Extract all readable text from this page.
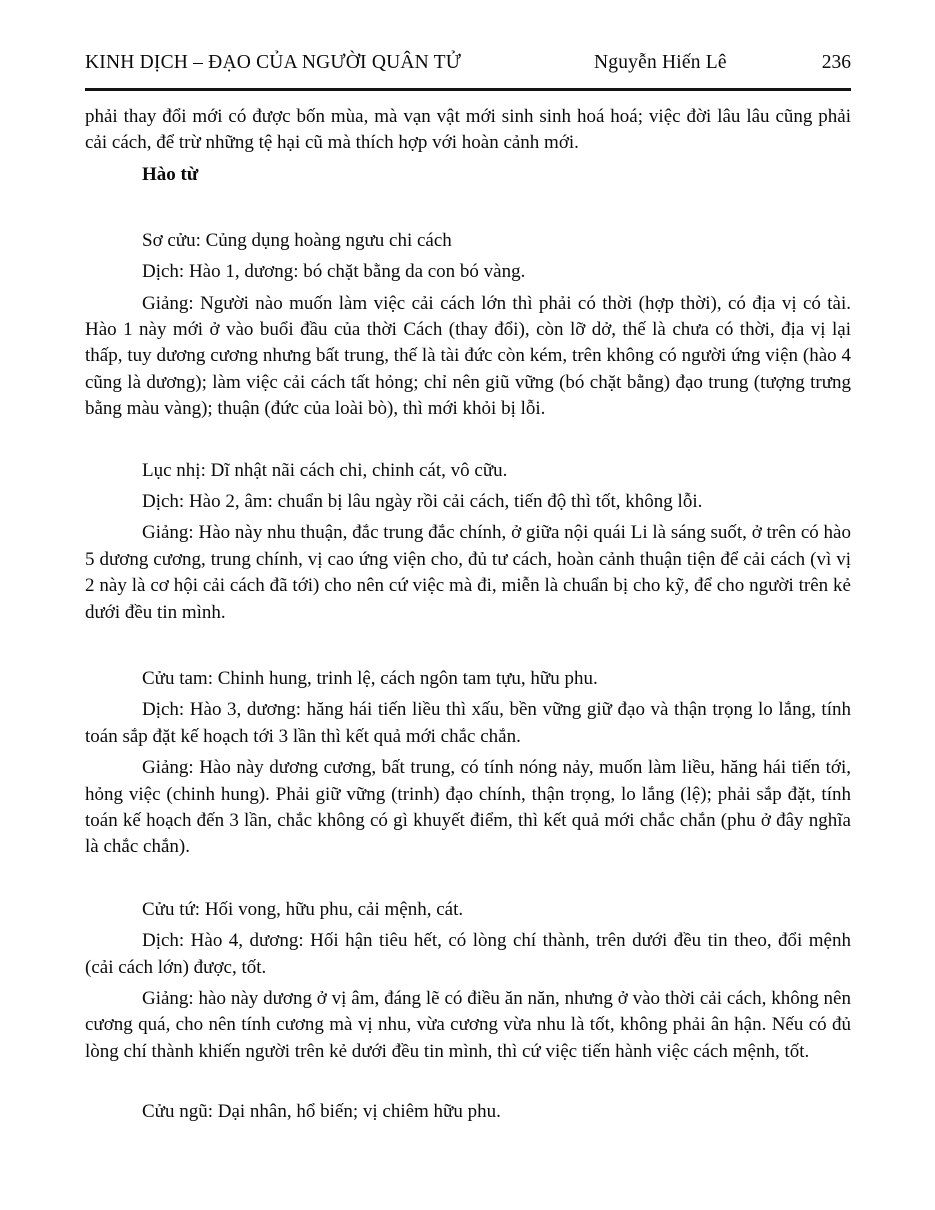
KINH DỊCH – ĐẠO CỦA NGƯỜI QUÂN TỬ	Nguyễn Hiến Lê	236

phải thay đổi mới có được bốn mùa, mà vạn vật mới sinh sinh hoá hoá; việc đời lâu lâu cũng phải cải cách, để trừ những tệ hại cũ mà thích hợp với hoàn cảnh mới.

Hào từ

Sơ cửu: Củng dụng hoàng ngưu chi cách

Dịch: Hào 1, dương: bó chặt bằng da con bó vàng.

Giảng: Người nào muốn làm việc cải cách lớn thì phải có thời (hợp thời), có địa vị có tài. Hào 1 này mới ở vào buổi đầu của thời Cách (thay đổi), còn lỡ dở, thế là chưa có thời, địa vị lại thấp, tuy dương cương nhưng bất trung, thế là tài đức còn kém, trên không có người ứng viện (hào 4 cũng là dương); làm việc cải cách tất hỏng; chỉ nên giũ vững (bó chặt bằng) đạo trung (tượng trưng bằng màu vàng); thuận (đức của loài bò), thì mới khỏi bị lỗi.

Lục nhị: Dĩ nhật nãi cách chi, chinh cát, vô cữu.

Dịch: Hào 2, âm: chuẩn bị lâu ngày rồi cải cách, tiến độ thì tốt, không lỗi.

Giảng: Hào này nhu thuận, đắc trung đắc chính, ở giữa nội quái Li là sáng suốt, ở trên có hào 5 dương cương, trung chính, vị cao ứng viện cho, đủ tư cách, hoàn cảnh thuận tiện để cải cách (vì vị 2 này là cơ hội cải cách đã tới) cho nên cứ việc mà đi, miễn là chuẩn bị cho kỹ, để cho người trên kẻ dưới đều tin mình.

Cửu tam: Chinh hung, trinh lệ, cách ngôn tam tựu, hữu phu.

Dịch: Hào 3, dương: hăng hái tiến liều thì xấu, bền vững giữ đạo và thận trọng lo lắng, tính toán sắp đặt kế hoạch tới 3 lần thì kết quả mới chắc chắn.

Giảng: Hào này dương cương, bất trung, có tính nóng nảy, muốn làm liều, hăng hái tiến tới, hỏng việc (chinh hung). Phải giữ vững (trinh) đạo chính, thận trọng, lo lắng (lệ); phải sắp đặt, tính toán kế hoạch đến 3 lần, chắc không có gì khuyết điểm, thì kết quả mới chắc chắn (phu ở đây nghĩa là chắc chắn).

Cửu tứ: Hối vong, hữu phu, cải mệnh, cát.

Dịch: Hào 4, dương: Hối hận tiêu hết, có lòng chí thành, trên dưới đều tin theo, đổi mệnh (cải cách lớn) được, tốt.

Giảng: hào này dương ở vị âm, đáng lẽ có điều ăn năn, nhưng ở vào thời cải cách, không nên cương quá, cho nên tính cương mà vị nhu, vừa cương vừa nhu là tốt, không phải ân hận. Nếu có đủ lòng chí thành khiến người trên kẻ dưới đều tin mình, thì cứ việc tiến hành việc cách mệnh, tốt.

Cửu ngũ: Dại nhân, hổ biến; vị chiêm hữu phu.
